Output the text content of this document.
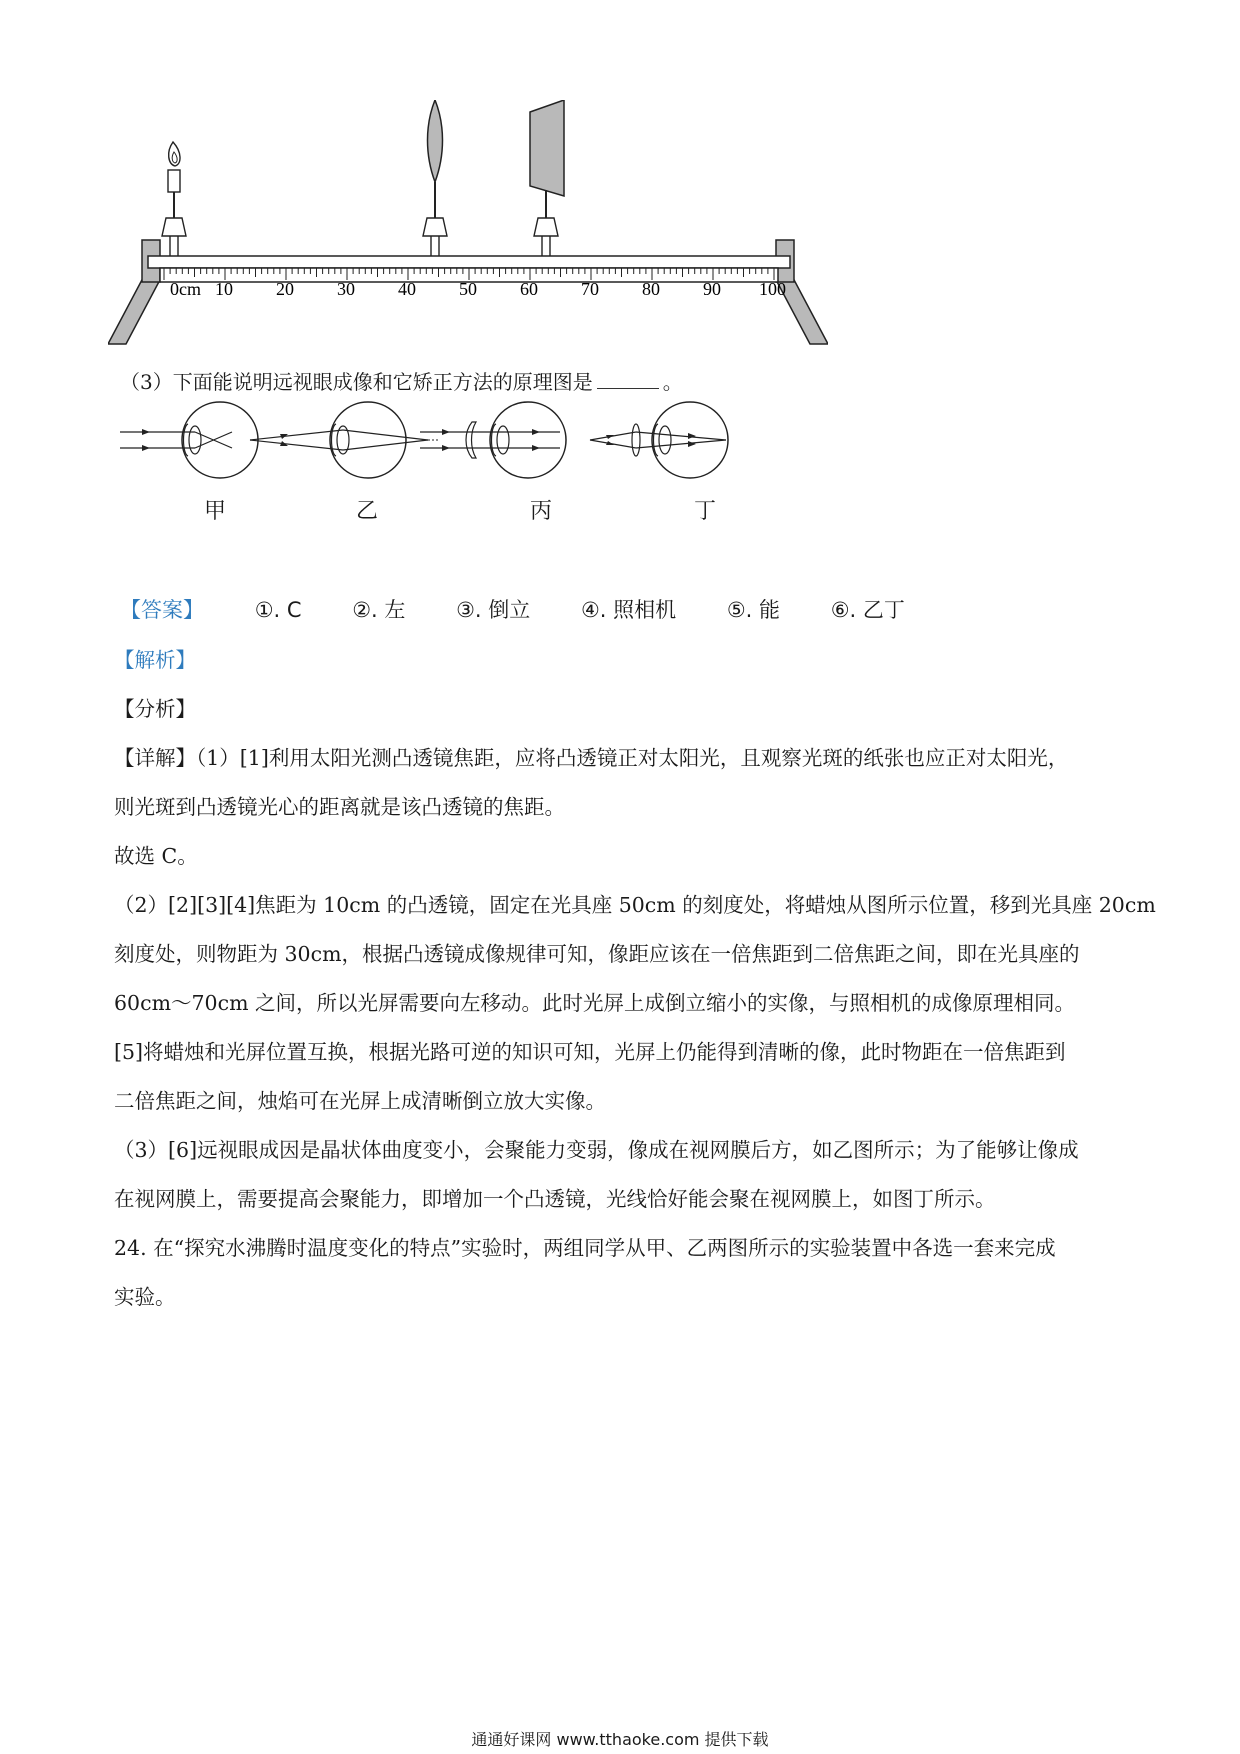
0cm 10 20 30 40 50 60 70 80 90 100
（3）下面能说明远视眼成像和它矫正方法的原理图是	。
甲	乙	丙	丁
【答案】 ①. C ②. 左 ③. 倒立 ④. 照相机 ⑤. 能 ⑥. 乙丁
【解析】
【分析】
【详解】（1）[1]利用太阳光测凸透镜焦距，应将凸透镜正对太阳光，且观察光斑的纸张也应正对太阳光，
则光斑到凸透镜光心的距离就是该凸透镜的焦距。
故选 C。
（2）[2][3][4]焦距为 10cm 的凸透镜，固定在光具座 50cm 的刻度处，将蜡烛从图所示位置，移到光具座 20cm
刻度处，则物距为 30cm，根据凸透镜成像规律可知，像距应该在一倍焦距到二倍焦距之间，即在光具座的
60cm～70cm 之间，所以光屏需要向左移动。此时光屏上成倒立缩小的实像，与照相机的成像原理相同。
[5]将蜡烛和光屏位置互换，根据光路可逆的知识可知，光屏上仍能得到清晰的像，此时物距在一倍焦距到
二倍焦距之间，烛焰可在光屏上成清晰倒立放大实像。
（3）[6]远视眼成因是晶状体曲度变小，会聚能力变弱，像成在视网膜后方，如乙图所示；为了能够让像成
在视网膜上，需要提高会聚能力，即增加一个凸透镜，光线恰好能会聚在视网膜上，如图丁所示。
24. 在“探究水沸腾时温度变化的特点”实验时，两组同学从甲、乙两图所示的实验装置中各选一套来完成
实验。
通通好课网 www.tthaoke.com 提供下载
